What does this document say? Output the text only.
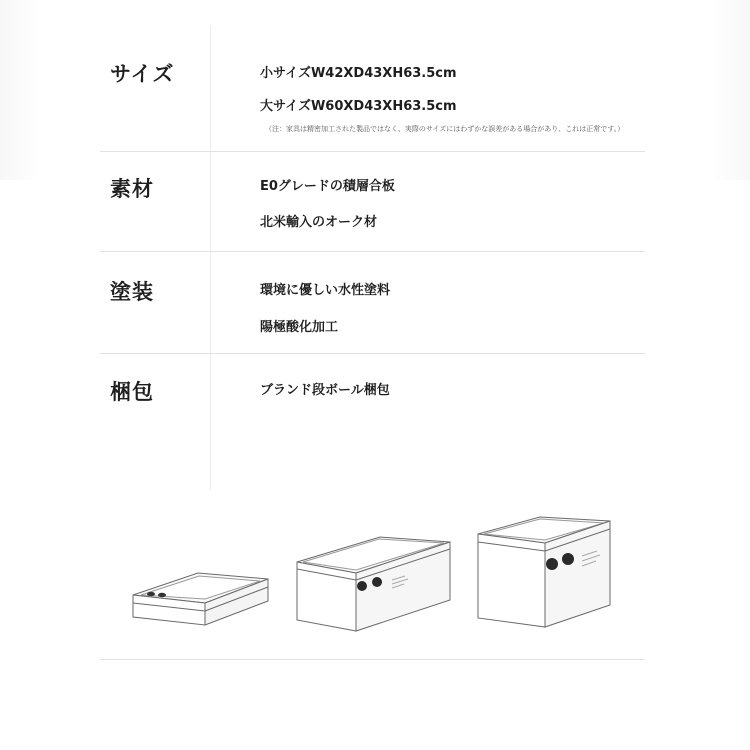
サイズ	小サイズW42XD43XH63.5cm
大サイズW60XD43XH63.5cm
（注：家具は精密加工された製品ではなく、実際のサイズにはわずかな誤差がある場合があり、これは正常です。）
素材	E0グレードの積層合板
北米輸入のオーク材
塗装	環境に優しい水性塗料
陽極酸化加工
梱包	ブランド段ボール梱包
